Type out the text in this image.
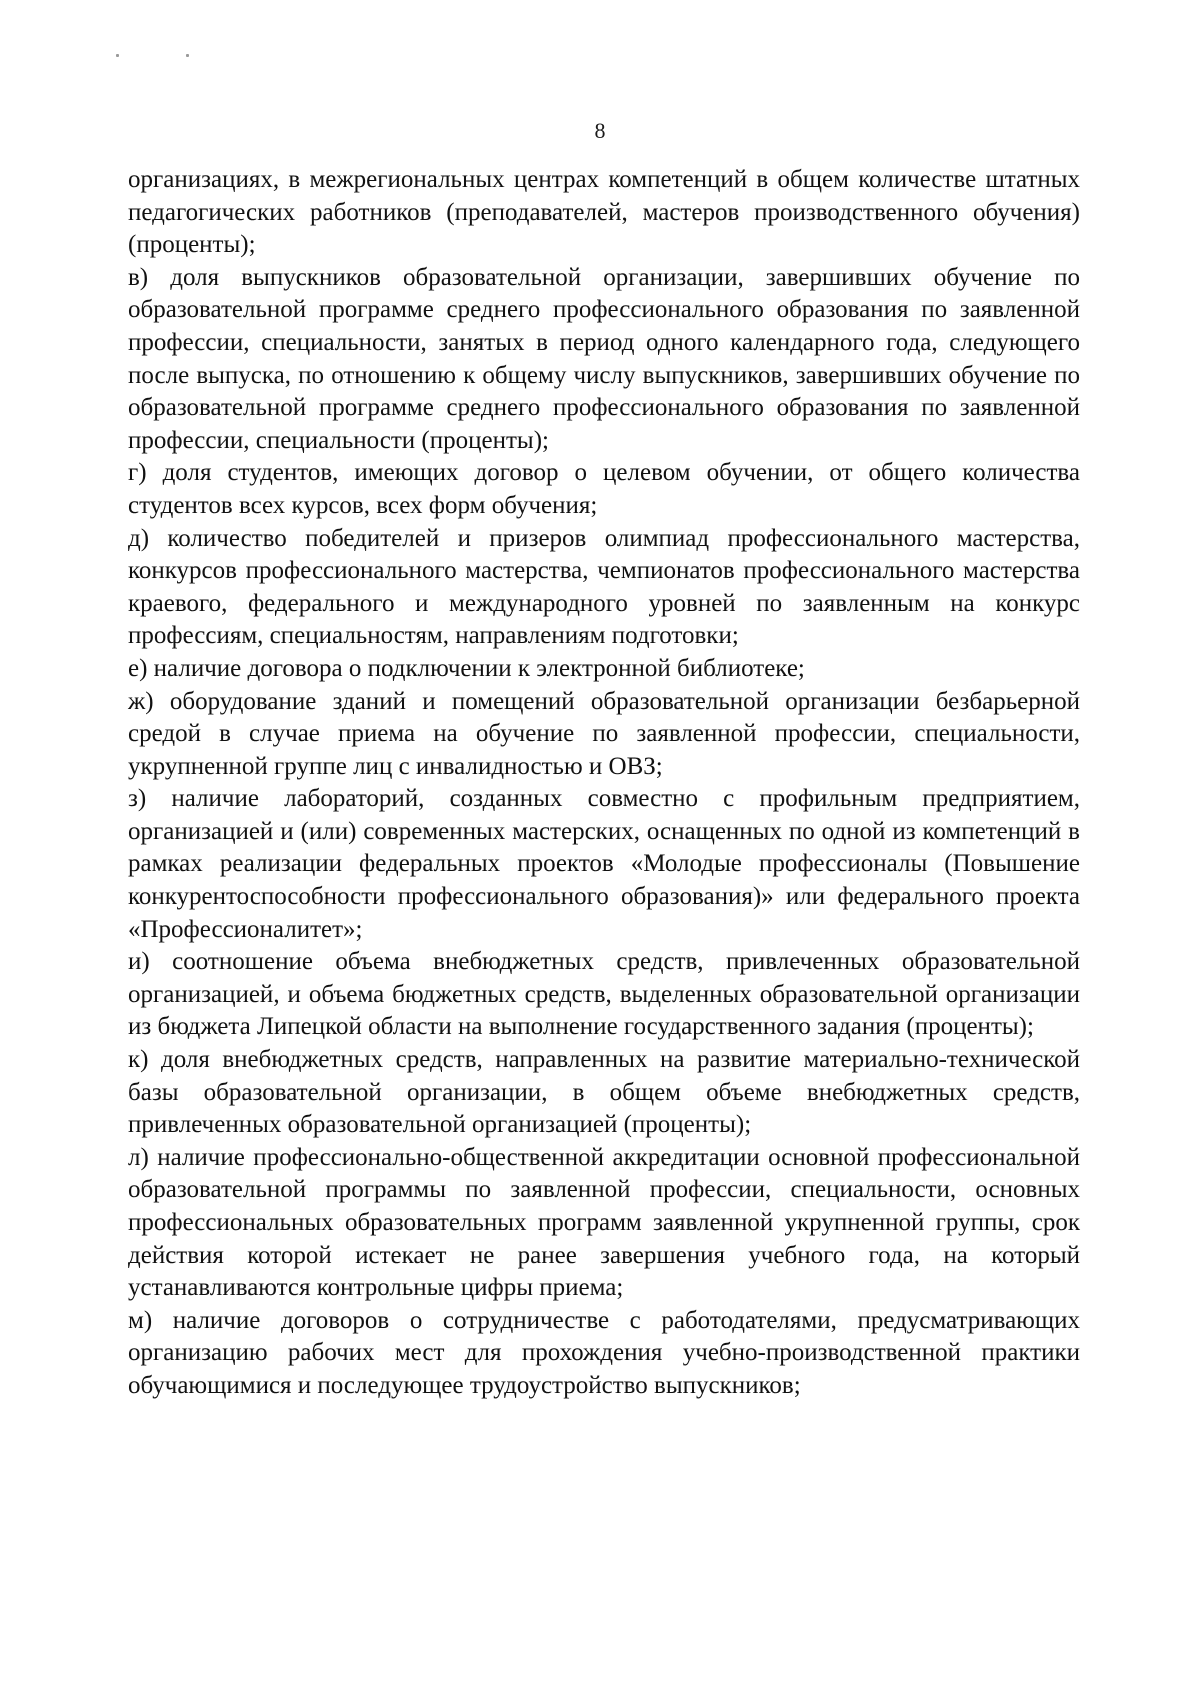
8

организациях, в межрегиональных центрах компетенций в общем количестве штатных педагогических работников (преподавателей, мастеров производственного обучения) (проценты);

в) доля выпускников образовательной организации, завершивших обучение по образовательной программе среднего профессионального образования по заявленной профессии, специальности, занятых в период одного календарного года, следующего после выпуска, по отношению к общему числу выпускников, завершивших обучение по образовательной программе среднего профессионального образования по заявленной профессии, специальности (проценты);

г) доля студентов, имеющих договор о целевом обучении, от общего количества студентов всех курсов, всех форм обучения;

д) количество победителей и призеров олимпиад профессионального мастерства, конкурсов профессионального мастерства, чемпионатов профессионального мастерства краевого, федерального и международного уровней по заявленным на конкурс профессиям, специальностям, направлениям подготовки;

е) наличие договора о подключении к электронной библиотеке;

ж) оборудование зданий и помещений образовательной организации безбарьерной средой в случае приема на обучение по заявленной профессии, специальности, укрупненной группе лиц с инвалидностью и ОВЗ;

з) наличие лабораторий, созданных совместно с профильным предприятием, организацией и (или) современных мастерских, оснащенных по одной из компетенций в рамках реализации федеральных проектов «Молодые профессионалы (Повышение конкурентоспособности профессионального образования)» или федерального проекта «Профессионалитет»;

и) соотношение объема внебюджетных средств, привлеченных образовательной организацией, и объема бюджетных средств, выделенных образовательной организации из бюджета Липецкой области на выполнение государственного задания (проценты);

к) доля внебюджетных средств, направленных на развитие материально-технической базы образовательной организации, в общем объеме внебюджетных средств, привлеченных образовательной организацией (проценты);

л) наличие профессионально-общественной аккредитации основной профессиональной образовательной программы по заявленной профессии, специальности, основных профессиональных образовательных программ заявленной укрупненной группы, срок действия которой истекает не ранее завершения учебного года, на который устанавливаются контрольные цифры приема;

м) наличие договоров о сотрудничестве с работодателями, предусматривающих организацию рабочих мест для прохождения учебно-производственной практики обучающимися и последующее трудоустройство выпускников;
